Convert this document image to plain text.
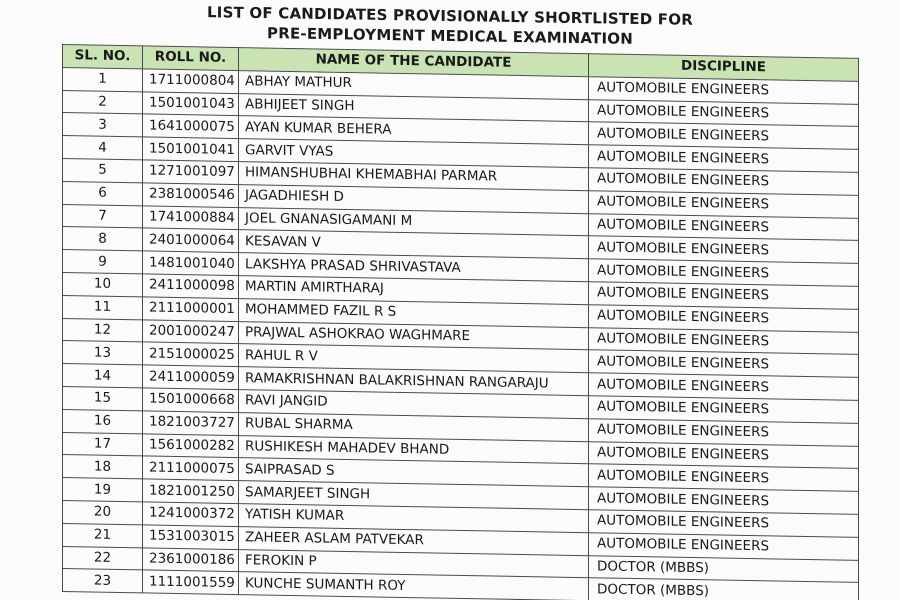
LIST OF CANDIDATES PROVISIONALLY SHORTLISTED FOR
PRE-EMPLOYMENT MEDICAL EXAMINATION
SL. NO.	ROLL NO.	NAME OF THE CANDIDATE	DISCIPLINE
1	1711000804	ABHAY MATHUR	AUTOMOBILE ENGINEERS
2	1501001043	ABHIJEET SINGH	AUTOMOBILE ENGINEERS
3	1641000075	AYAN KUMAR BEHERA	AUTOMOBILE ENGINEERS
4	1501001041	GARVIT VYAS	AUTOMOBILE ENGINEERS
5	1271001097	HIMANSHUBHAI KHEMABHAI PARMAR	AUTOMOBILE ENGINEERS
6	2381000546	JAGADHIESH D	AUTOMOBILE ENGINEERS
7	1741000884	JOEL GNANASIGAMANI M	AUTOMOBILE ENGINEERS
8	2401000064	KESAVAN V	AUTOMOBILE ENGINEERS
9	1481001040	LAKSHYA PRASAD SHRIVASTAVA	AUTOMOBILE ENGINEERS
10	2411000098	MARTIN AMIRTHARAJ	AUTOMOBILE ENGINEERS
11	2111000001	MOHAMMED FAZIL R S	AUTOMOBILE ENGINEERS
12	2001000247	PRAJWAL ASHOKRAO WAGHMARE	AUTOMOBILE ENGINEERS
13	2151000025	RAHUL R V	AUTOMOBILE ENGINEERS
14	2411000059	RAMAKRISHNAN BALAKRISHNAN RANGARAJU	AUTOMOBILE ENGINEERS
15	1501000668	RAVI JANGID	AUTOMOBILE ENGINEERS
16	1821003727	RUBAL SHARMA	AUTOMOBILE ENGINEERS
17	1561000282	RUSHIKESH MAHADEV BHAND	AUTOMOBILE ENGINEERS
18	2111000075	SAIPRASAD S	AUTOMOBILE ENGINEERS
19	1821001250	SAMARJEET SINGH	AUTOMOBILE ENGINEERS
20	1241000372	YATISH KUMAR	AUTOMOBILE ENGINEERS
21	1531003015	ZAHEER ASLAM PATVEKAR	AUTOMOBILE ENGINEERS
22	2361000186	FEROKIN P	DOCTOR (MBBS)
23	1111001559	KUNCHE SUMANTH ROY	DOCTOR (MBBS)
